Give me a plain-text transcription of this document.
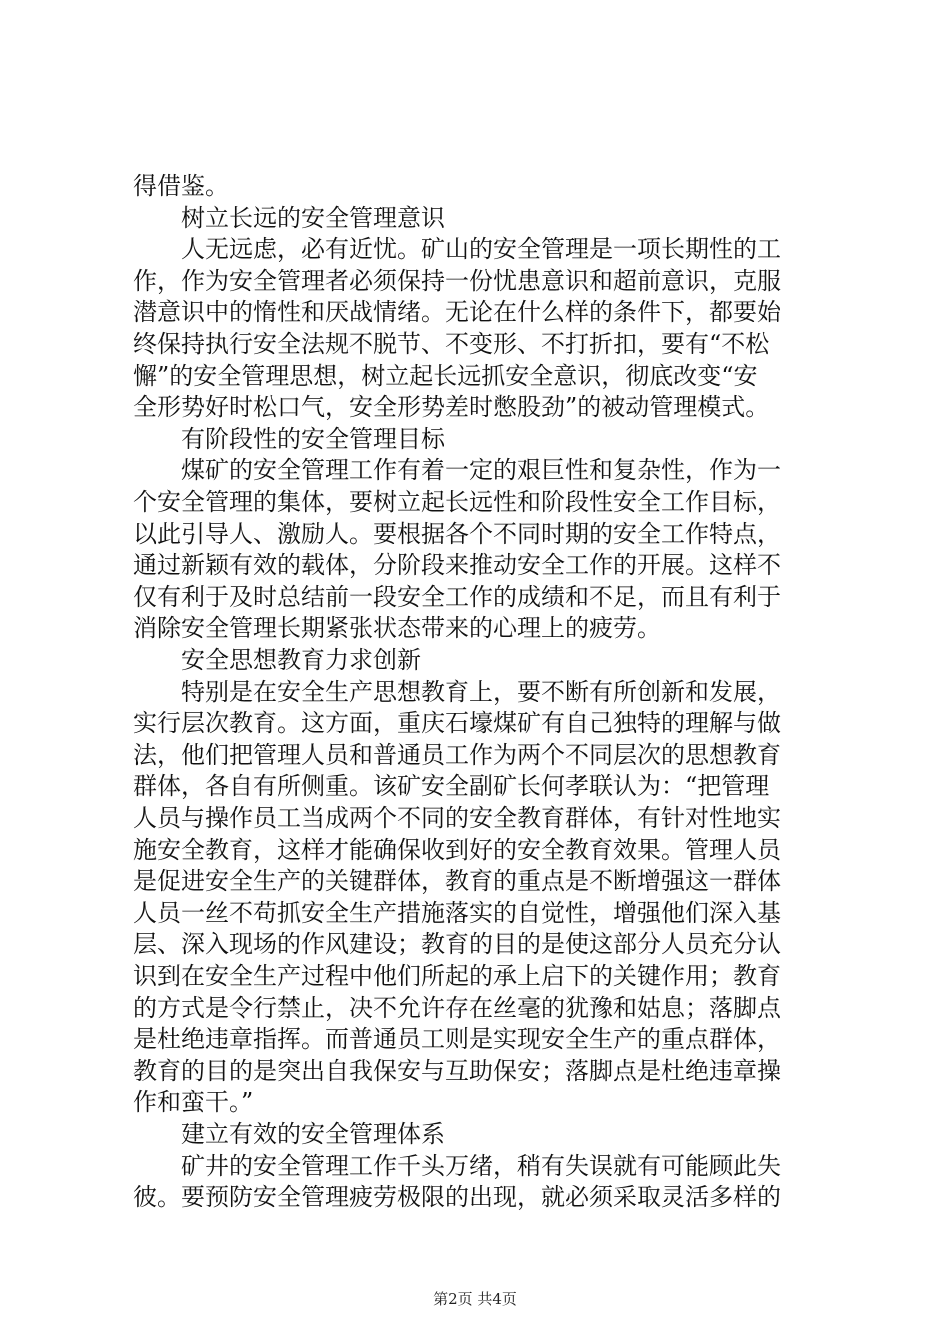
得借鉴。
树立长远的安全管理意识
人无远虑，必有近忧。矿山的安全管理是一项长期性的工
作，作为安全管理者必须保持一份忧患意识和超前意识，克服
潜意识中的惰性和厌战情绪。无论在什么样的条件下，都要始
终保持执行安全法规不脱节、不变形、不打折扣，要有“不松
懈”的安全管理思想，树立起长远抓安全意识，彻底改变“安
全形势好时松口气，安全形势差时憋股劲”的被动管理模式。
有阶段性的安全管理目标
煤矿的安全管理工作有着一定的艰巨性和复杂性，作为一
个安全管理的集体，要树立起长远性和阶段性安全工作目标，
以此引导人、激励人。要根据各个不同时期的安全工作特点，
通过新颖有效的载体，分阶段来推动安全工作的开展。这样不
仅有利于及时总结前一段安全工作的成绩和不足，而且有利于
消除安全管理长期紧张状态带来的心理上的疲劳。
安全思想教育力求创新
特别是在安全生产思想教育上，要不断有所创新和发展，
实行层次教育。这方面，重庆石壕煤矿有自己独特的理解与做
法，他们把管理人员和普通员工作为两个不同层次的思想教育
群体，各自有所侧重。该矿安全副矿长何孝联认为：“把管理
人员与操作员工当成两个不同的安全教育群体，有针对性地实
施安全教育，这样才能确保收到好的安全教育效果。管理人员
是促进安全生产的关键群体，教育的重点是不断增强这一群体
人员一丝不苟抓安全生产措施落实的自觉性，增强他们深入基
层、深入现场的作风建设；教育的目的是使这部分人员充分认
识到在安全生产过程中他们所起的承上启下的关键作用；教育
的方式是令行禁止，决不允许存在丝毫的犹豫和姑息；落脚点
是杜绝违章指挥。而普通员工则是实现安全生产的重点群体，
教育的目的是突出自我保安与互助保安；落脚点是杜绝违章操
作和蛮干。”
建立有效的安全管理体系
矿井的安全管理工作千头万绪，稍有失误就有可能顾此失
彼。要预防安全管理疲劳极限的出现，就必须采取灵活多样的
第2页 共4页
